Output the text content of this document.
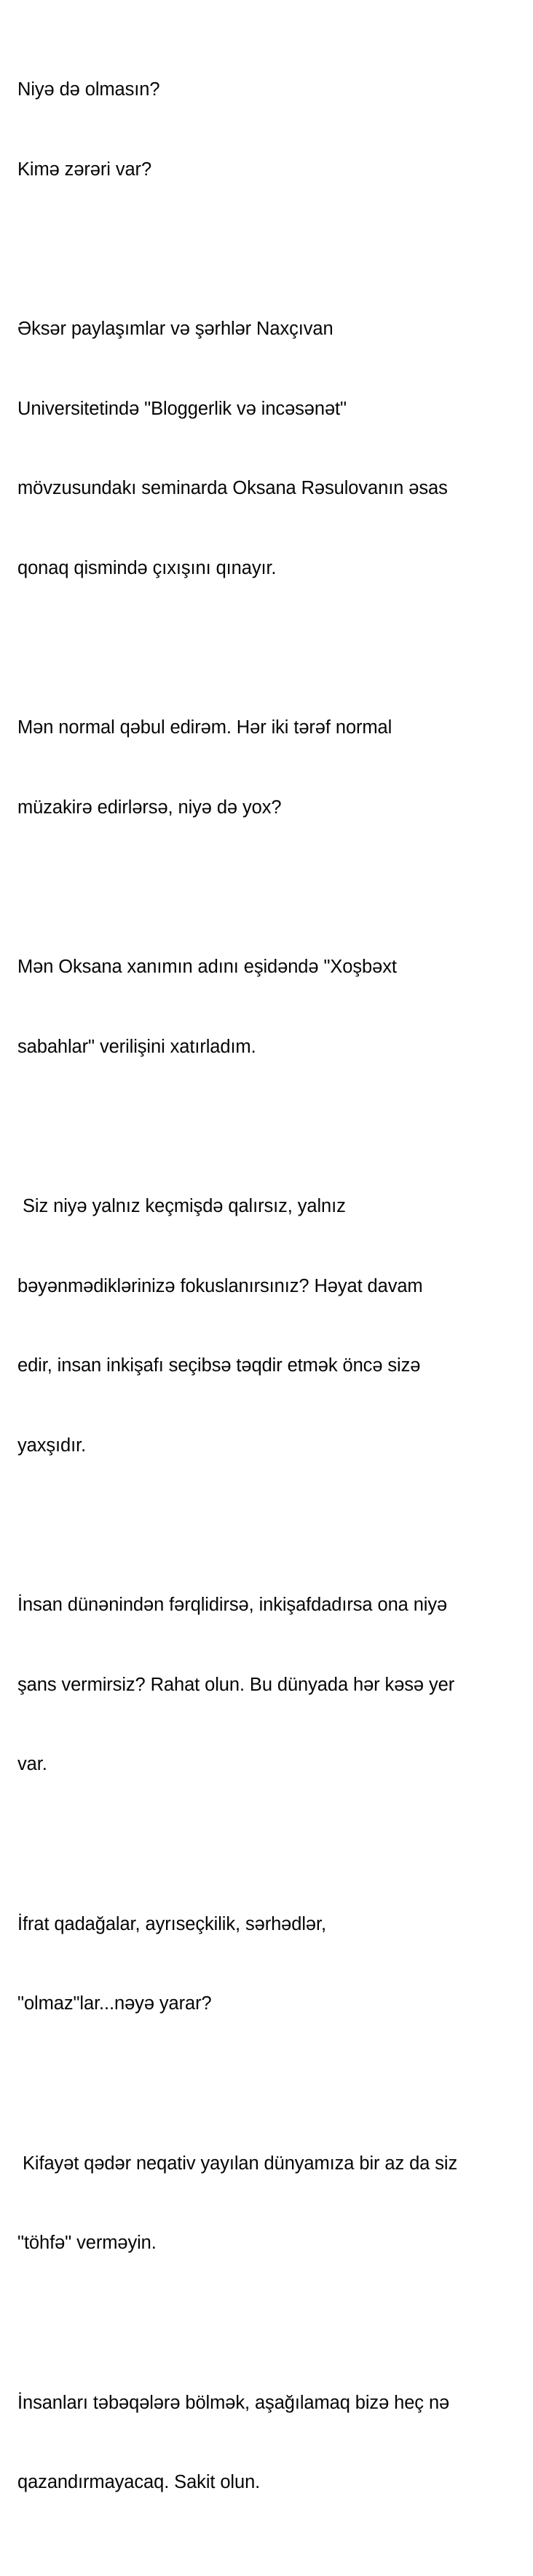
Niyə də olmasın?

Kimə zərəri var?

Əksər paylaşımlar və şərhlər Naxçıvan

Universitetində "Bloggerlik və incəsənət"

mövzusundakı seminarda Oksana Rəsulovanın əsas

qonaq qismində çıxışını qınayır.

Mən normal qəbul edirəm. Hər iki tərəf normal

müzakirə edirlərsə, niyə də yox?

Mən Oksana xanımın adını eşidəndə "Xoşbəxt

sabahlar" verilişini xatırladım.

Siz niyə yalnız keçmişdə qalırsız, yalnız

bəyənmədiklərinizə fokuslanırsınız? Həyat davam

edir, insan inkişafı seçibsə təqdir etmək öncə sizə

yaxşıdır.

İnsan dünənindən fərqlidirsə, inkişafdadırsa ona niyə

şans vermirsiz? Rahat olun. Bu dünyada hər kəsə yer

var.

İfrat qadağalar, ayrıseçkilik, sərhədlər,

"olmaz"lar...nəyə yarar?

Kifayət qədər neqativ yayılan dünyamıza bir az da siz

"töhfə" verməyin.

İnsanları təbəqələrə bölmək, aşağılamaq bizə heç nə

qazandırmayacaq. Sakit olun.
